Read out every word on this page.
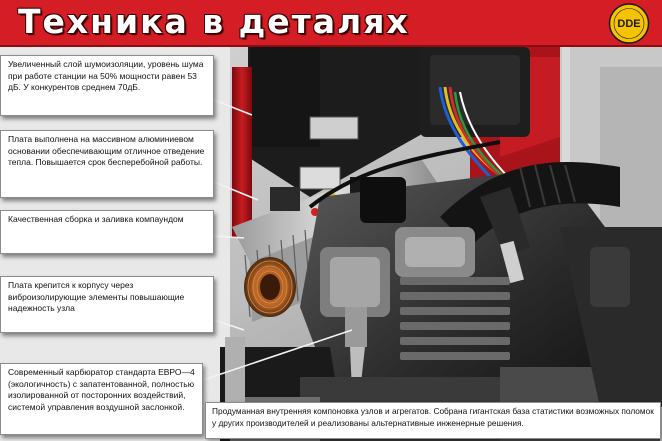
Техника в деталях	DDE
Увеличенный слой шумоизоляции, уровень шума при работе станции на 50% мощности равен 53 дБ. У конкурентов среднем 70дБ.
Плата выполнена на массивном алюминиевом основании обеспечивающим отличное отведение тепла. Повышается срок бесперебойной работы.
Качественная сборка и заливка компаундом
Плата крепится к корпусу через виброизолирующие элементы повышающие надежность узла
Современный карбюратор стандарта ЕВРО—4 (экологичность) с запатентованной, полностью изолированной от посторонних воздействий, системой управления воздушной заслонкой.	Продуманная внутренняя компоновка узлов и агрегатов. Собрана гигантская база статистики возможных поломок у других производителей и реализованы альтернативные инженерные решения.
